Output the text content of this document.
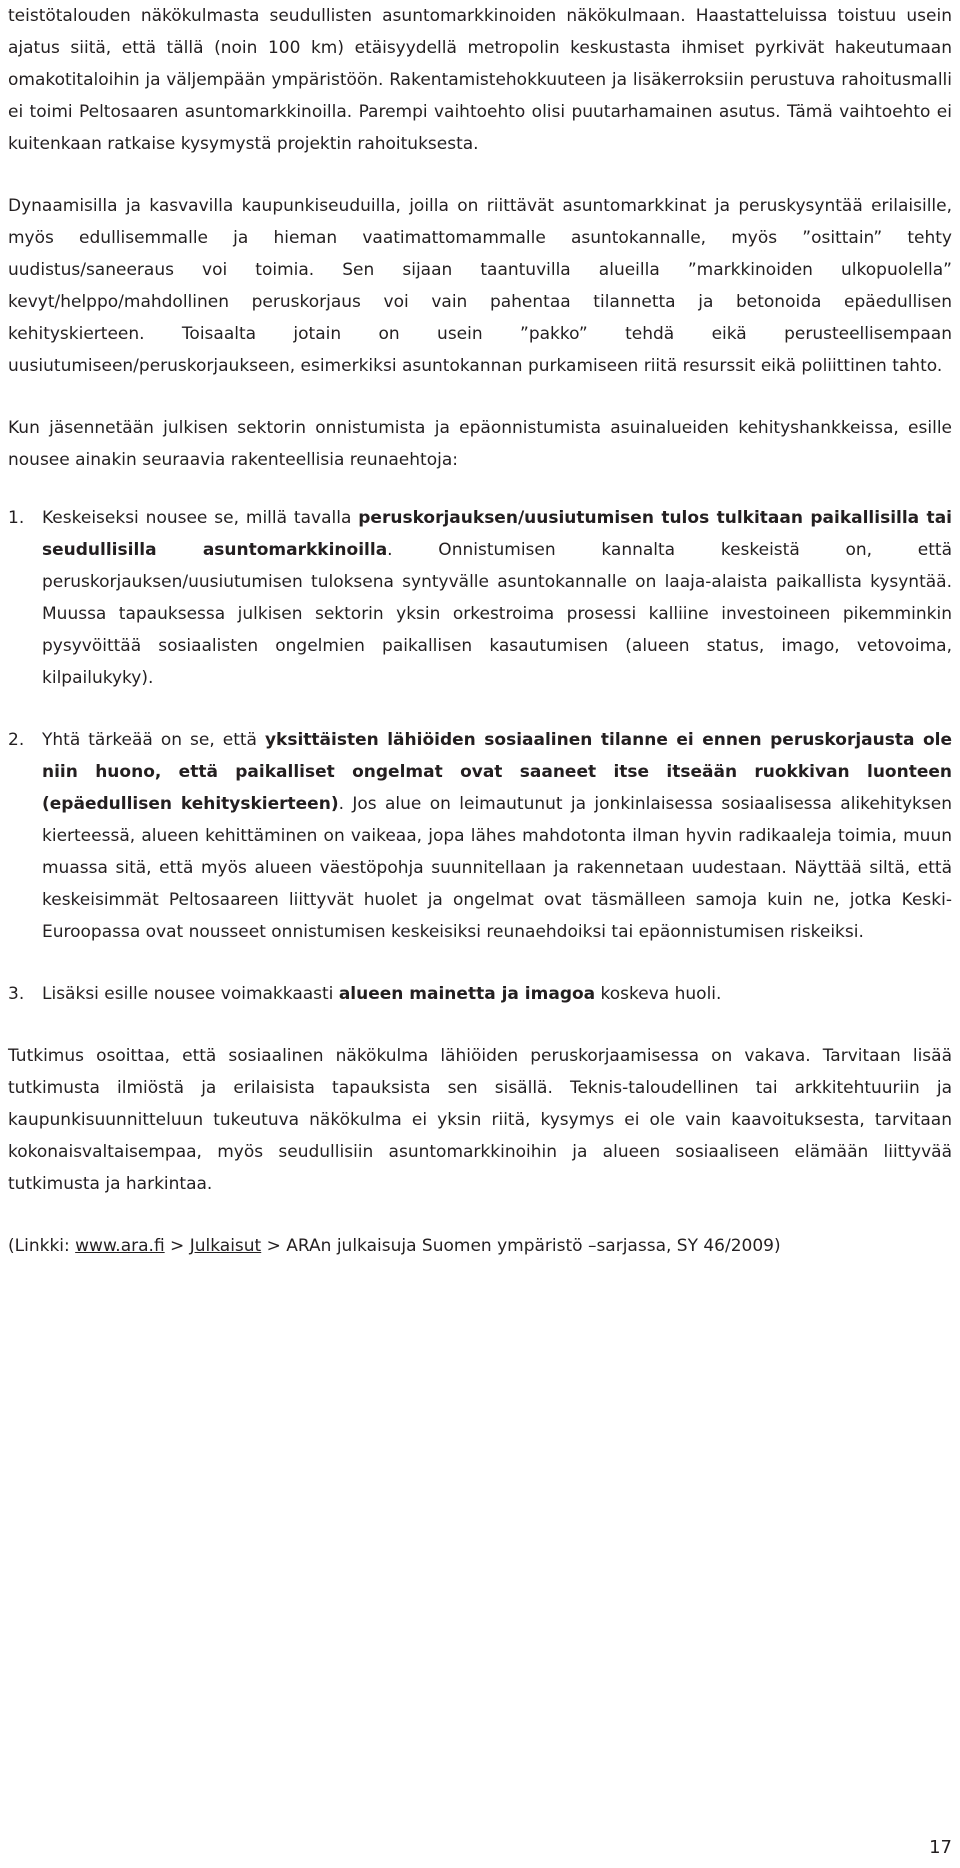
teistötalouden näkökulmasta seudullisten asuntomarkkinoiden näkökulmaan. Haastatteluissa toistuu usein ajatus siitä, että tällä (noin 100 km) etäisyydellä metropolin keskustasta ihmiset pyrkivät hakeutumaan omakotitaloihin ja väljempään ympäristöön. Rakentamistehokkuuteen ja lisäkerroksiin perustuva rahoitusmalli ei toimi Peltosaaren asuntomarkkinoilla. Parempi vaihtoehto olisi puutarhamainen asutus. Tämä vaihtoehto ei kuitenkaan ratkaise kysymystä projektin rahoituksesta.

Dynaamisilla ja kasvavilla kaupunkiseuduilla, joilla on riittävät asuntomarkkinat ja peruskysyntää erilaisille, myös edullisemmalle ja hieman vaatimattomammalle asuntokannalle, myös ”osittain” tehty uudistus/saneeraus voi toimia. Sen sijaan taantuvilla alueilla ”markkinoiden ulkopuolella” kevyt/helppo/mahdollinen peruskorjaus voi vain pahentaa tilannetta ja betonoida epäedullisen kehityskierteen. Toisaalta jotain on usein ”pakko” tehdä eikä perusteellisempaan uusiutumiseen/peruskorjaukseen, esimerkiksi asuntokannan purkamiseen riitä resurssit eikä poliittinen tahto.

Kun jäsennetään julkisen sektorin onnistumista ja epäonnistumista asuinalueiden kehityshankkeissa, esille nousee ainakin seuraavia rakenteellisia reunaehtoja:

1. Keskeiseksi nousee se, millä tavalla peruskorjauksen/uusiutumisen tulos tulkitaan paikallisilla tai seudullisilla asuntomarkkinoilla. Onnistumisen kannalta keskeistä on, että peruskorjauksen/uusiutumisen tuloksena syntyvälle asuntokannalle on laaja-alaista paikallista kysyntää. Muussa tapauksessa julkisen sektorin yksin orkestroima prosessi kalliine investoineen pikemminkin pysyvöittää sosiaalisten ongelmien paikallisen kasautumisen (alueen status, imago, vetovoima, kilpailukyky).
2. Yhtä tärkeää on se, että yksittäisten lähiöiden sosiaalinen tilanne ei ennen peruskorjausta ole niin huono, että paikalliset ongelmat ovat saaneet itse itseään ruokkivan luonteen (epäedullisen kehityskierteen). Jos alue on leimautunut ja jonkinlaisessa sosiaalisessa alikehityksen kierteessä, alueen kehittäminen on vaikeaa, jopa lähes mahdotonta ilman hyvin radikaaleja toimia, muun muassa sitä, että myös alueen väestöpohja suunnitellaan ja rakennetaan uudestaan. Näyttää siltä, että keskeisimmät Peltosaareen liittyvät huolet ja ongelmat ovat täsmälleen samoja kuin ne, jotka Keski-Euroopassa ovat nousseet onnistumisen keskeisiksi reunaehdoiksi tai epäonnistumisen riskeiksi.
3. Lisäksi esille nousee voimakkaasti alueen mainetta ja imagoa koskeva huoli.

Tutkimus osoittaa, että sosiaalinen näkökulma lähiöiden peruskorjaamisessa on vakava. Tarvitaan lisää tutkimusta ilmiöstä ja erilaisista tapauksista sen sisällä. Teknis-taloudellinen tai arkkitehtuuriin ja kaupunkisuunnitteluun tukeutuva näkökulma ei yksin riitä, kysymys ei ole vain kaavoituksesta, tarvitaan kokonaisvaltaisempaa, myös seudullisiin asuntomarkkinoihin ja alueen sosiaaliseen elämään liittyvää tutkimusta ja harkintaa.

(Linkki: www.ara.fi > Julkaisut > ARAn julkaisuja Suomen ympäristö –sarjassa, SY 46/2009)

17
